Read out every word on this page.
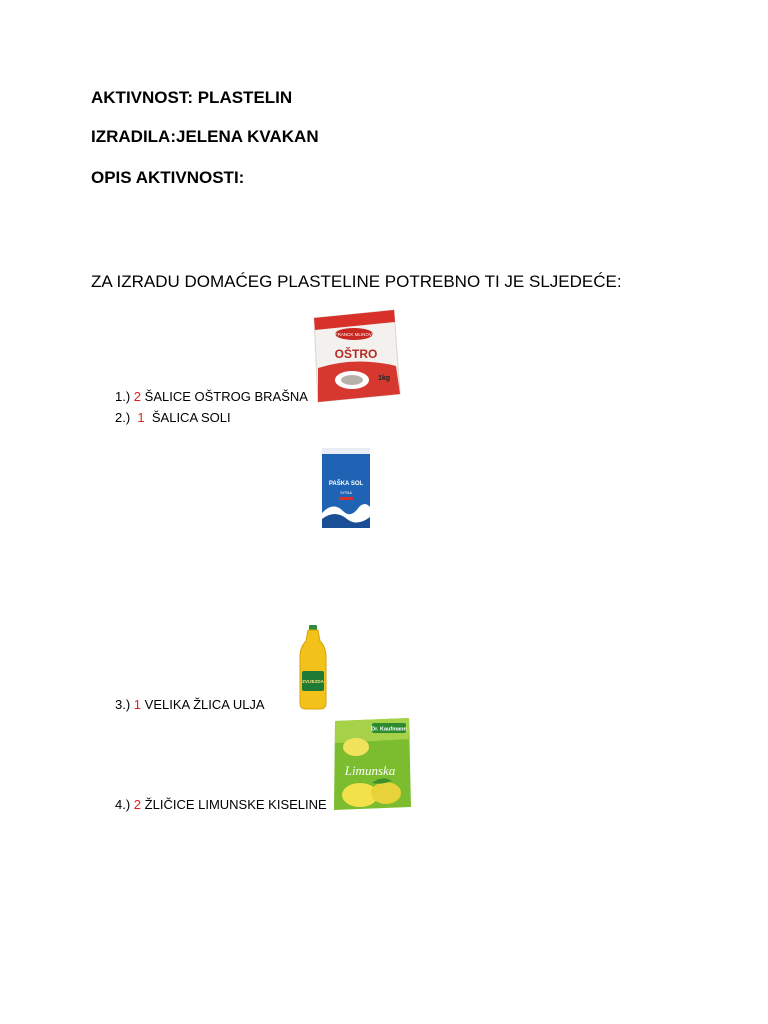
AKTIVNOST: PLASTELIN
IZRADILA:JELENA KVAKAN
OPIS AKTIVNOSTI:

ZA IZRADU DOMAĆEG PLASTELINE POTREBNO TI JE SLJEDEĆE:

FRANCK MLINOVI
OŠTRO
1kg
1.) 2 ŠALICE OŠTROG BRAŠNA
2.) 1 ŠALICA SOLI
PAŠKA SOL
SITNA
ZVIJEZDA
3.) 1 VELIKA ŽLICA ULJA
Dr. Kaufmann
Limunska
4.) 2 ŽLIČICE LIMUNSKE KISELINE
